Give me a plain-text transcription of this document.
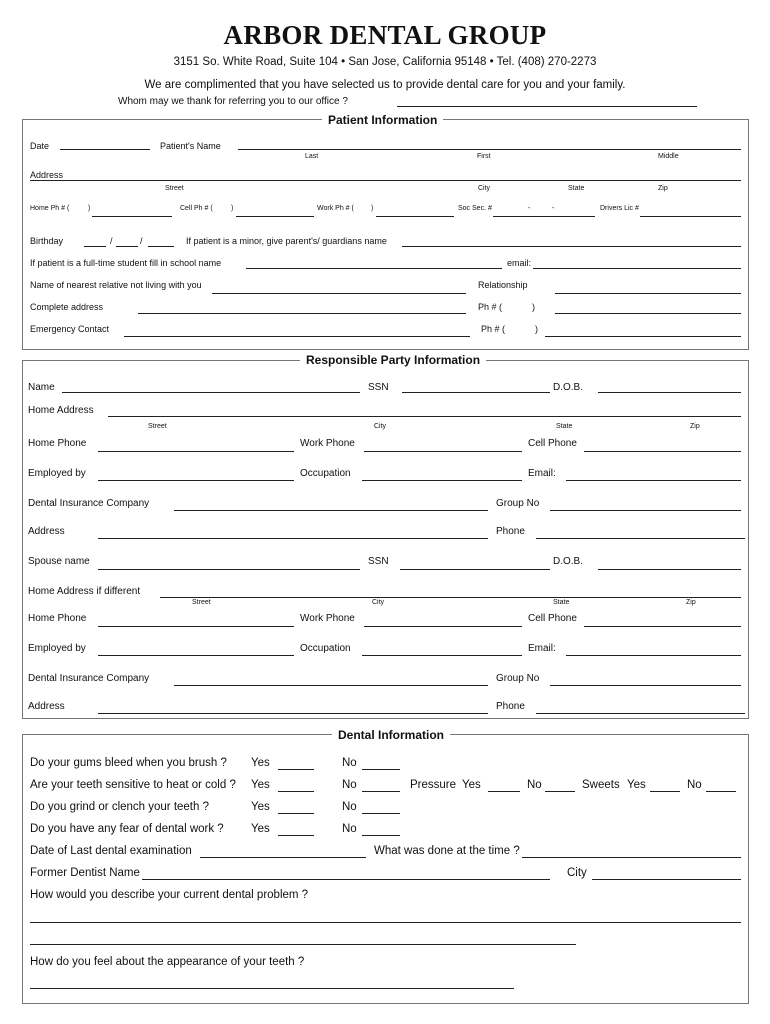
ARBOR DENTAL GROUP
3151 So. White Road, Suite 104 • San Jose, California 95148 • Tel. (408) 270-2273
We are complimented that you have selected us to provide dental care for you and your family.
Whom may we thank for referring you to our office ?
Patient Information
Date	Patient's Name
Last	First	Middle
Address
Street	City	State	Zip
Home Ph # (	)	Cell Ph # (	)	Work Ph # ( )	Soc Sec. #	-	-	Drivers Lic #
Birthday	/	/	If patient is a minor, give parent's/ guardians name
If patient is a full-time student fill in school name	email:
Name of nearest relative not living with you	Relationship
Complete address	Ph # (	)
Emergency Contact	Ph # (	)
Responsible Party Information
Name	SSN	D.O.B.
Home Address
Street	City	State	Zip
Home Phone	Work Phone	Cell Phone
Employed by	Occupation	Email:
Dental Insurance Company	Group No
Address	Phone
Spouse name	SSN	D.O.B.
Home Address if different
Street	City	State	Zip
Home Phone	Work Phone	Cell Phone
Employed by	Occupation	Email:
Dental Insurance Company	Group No
Address	Phone
Dental Information
Do your gums bleed when you brush ? Yes	No
Are your teeth sensitive to heat or cold ? Yes	No	Pressure Yes	No	Sweets Yes	No
Do you grind or clench your teeth ?	Yes	No
Do you have any fear of dental work ? Yes	No
Date of Last dental examination	What was done at the time ?
Former Dentist Name	City
How would you describe your current dental problem ?
How do you feel about the appearance of your teeth ?
